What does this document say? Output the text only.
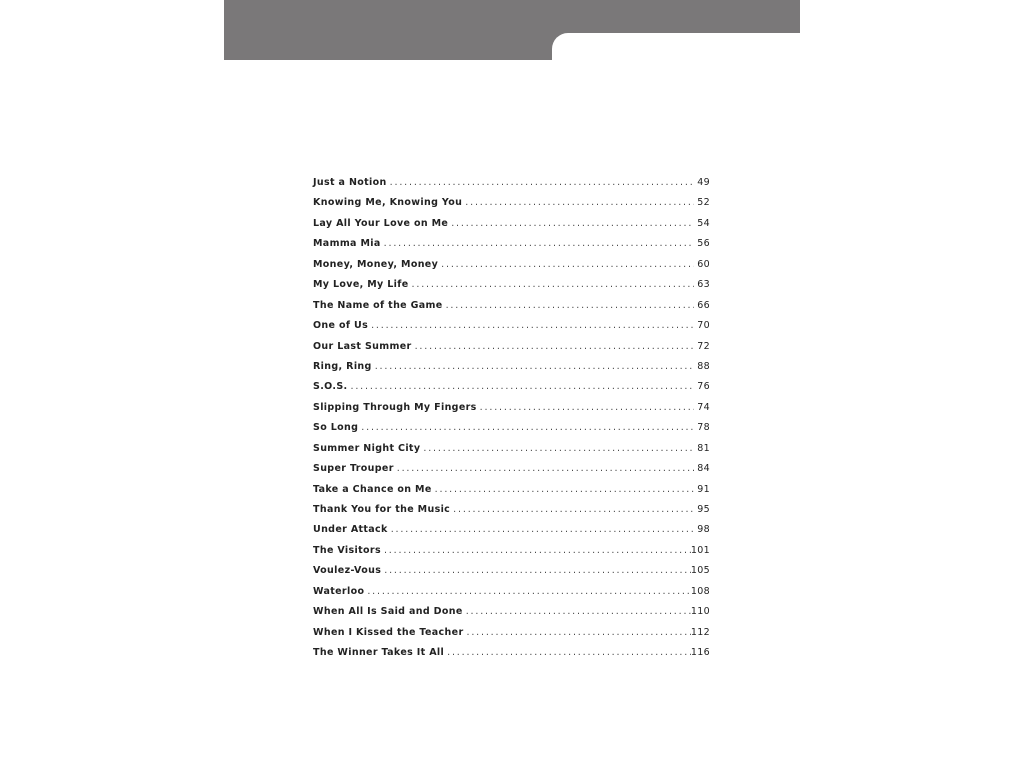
Just a Notion . . .	49
Knowing Me, Knowing You . . .	52
Lay All Your Love on Me . . .	54
Mamma Mia . . .	56
Money, Money, Money . . .	60
My Love, My Life . . .	63
The Name of the Game . . .	66
One of Us . . .	70
Our Last Summer . . .	72
Ring, Ring . . .	88
S.O.S. . . .	76
Slipping Through My Fingers . . .	74
So Long . . .	78
Summer Night City . . .	81
Super Trouper . . .	84
Take a Chance on Me . . .	91
Thank You for the Music . . .	95
Under Attack . . .	98
The Visitors . . .	101
Voulez-Vous . . .	105
Waterloo . . .	108
When All Is Said and Done . . .	110
When I Kissed the Teacher . . .	112
The Winner Takes It All . . .	116
